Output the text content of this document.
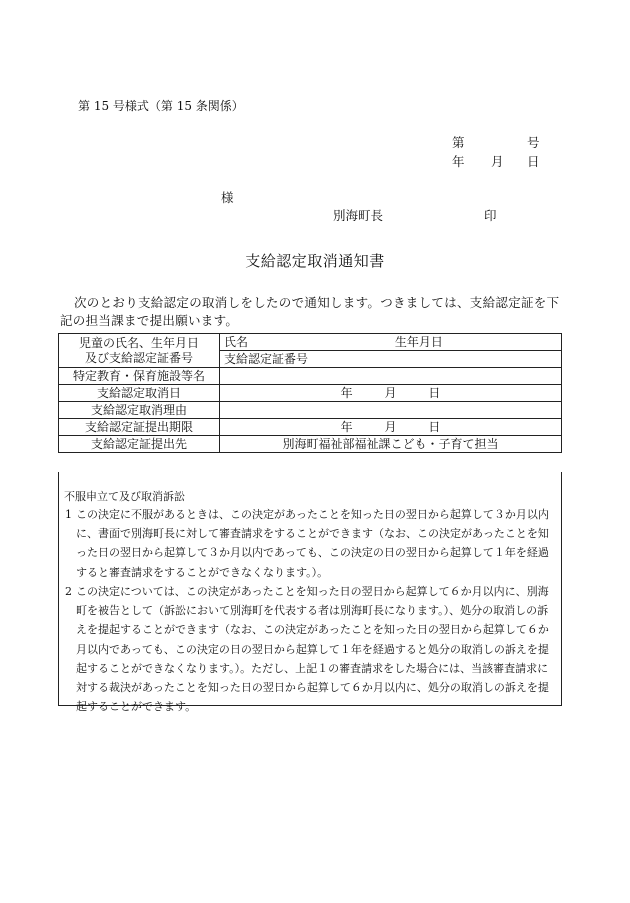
第 15 号様式（第 15 条関係）
第	号
年 月 日
様
別海町長	印
支給認定取消通知書
次のとおり支給認定の取消しをしたので通知します。つきましては、支給認定証を下記の担当課まで提出願います。
児童の氏名、生年月日
及び支給認定証番号	氏名 生年月日
	支給認定証番号
特定教育・保育施設等名	
支給認定取消日	年 月 日
支給認定取消理由	
支給認定証提出期限	年 月 日
支給認定証提出先	別海町福祉部福祉課こども・子育て担当
不服申立て及び取消訴訟
1 この決定に不服があるときは、この決定があったことを知った日の翌日から起算して３か月以内に、書面で別海町長に対して審査請求をすることができます（なお、この決定があったことを知った日の翌日から起算して３か月以内であっても、この決定の日の翌日から起算して１年を経過すると審査請求をすることができなくなります。）。
2 この決定については、この決定があったことを知った日の翌日から起算して６か月以内に、別海町を被告として（訴訟において別海町を代表する者は別海町長になります。）、処分の取消しの訴えを提起することができます（なお、この決定があったことを知った日の翌日から起算して６か月以内であっても、この決定の日の翌日から起算して１年を経過すると処分の取消しの訴えを提起することができなくなります。）。ただし、上記１の審査請求をした場合には、当該審査請求に対する裁決があったことを知った日の翌日から起算して６か月以内に、処分の取消しの訴えを提起することができます。
